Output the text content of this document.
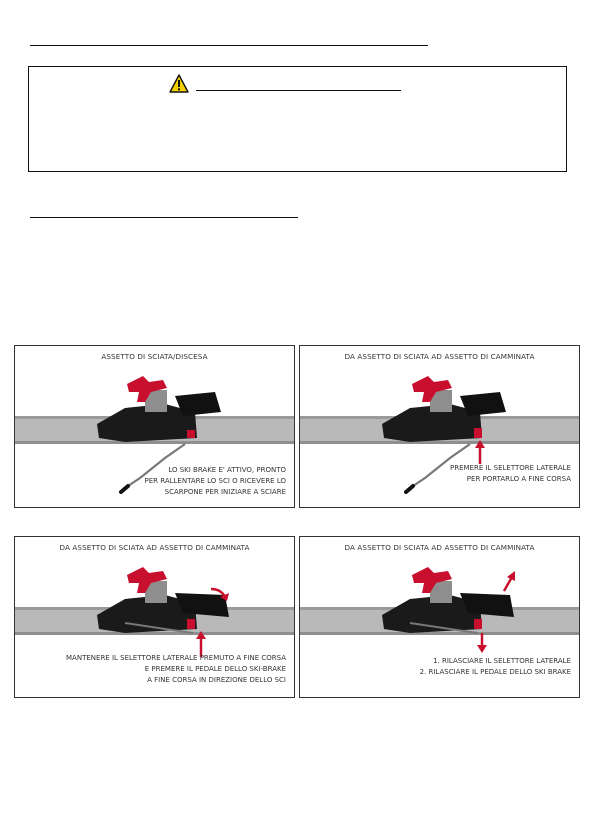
ASSETTO DI SCIATA/DISCESA
LO SKI BRAKE E' ATTIVO, PRONTO
PER RALLENTARE LO SCI O RICEVERE LO
SCARPONE PER INIZIARE A SCIARE
DA ASSETTO DI SCIATA AD ASSETTO DI CAMMINATA
PREMERE IL SELETTORE LATERALE
PER PORTARLO A FINE CORSA
DA ASSETTO DI SCIATA AD ASSETTO DI CAMMINATA
MANTENERE IL SELETTORE LATERALE PREMUTO A FINE CORSA
E PREMERE IL PEDALE DELLO SKI-BRAKE
A FINE CORSA IN DIREZIONE DELLO SCI
DA ASSETTO DI SCIATA AD ASSETTO DI CAMMINATA
1. RILASCIARE IL SELETTORE LATERALE
2. RILASCIARE IL PEDALE DELLO SKI BRAKE
